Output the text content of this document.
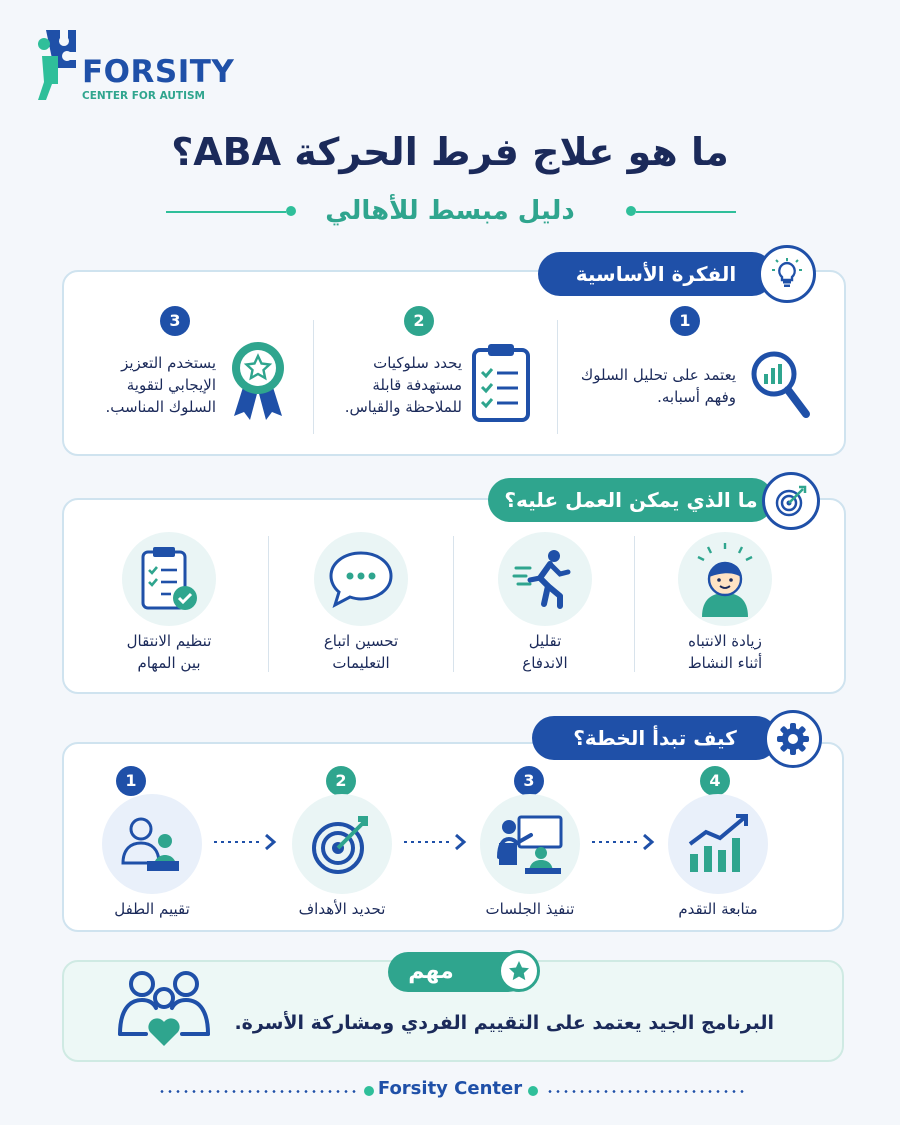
FORSITY
CENTER FOR AUTISM
ما هو علاج فرط الحركة ABA؟
دليل مبسط للأهالي
الفكرة الأساسية
1
يعتمد على تحليل السلوك وفهم أسبابه.
2
يحدد سلوكيات مستهدفة قابلة للملاحظة والقياس.
3
يستخدم التعزيز الإيجابي لتقوية السلوك المناسب.
ما الذي يمكن العمل عليه؟
زيادة الانتباه
أثناء النشاط
تقليل
الاندفاع
تحسين اتباع
التعليمات
تنظيم الانتقال
بين المهام
كيف تبدأ الخطة؟
1	2	3	4
تقييم الطفل	تحديد الأهداف	تنفيذ الجلسات	متابعة التقدم
مهم
البرنامج الجيد يعتمد على التقييم الفردي ومشاركة الأسرة.
Forsity Center
